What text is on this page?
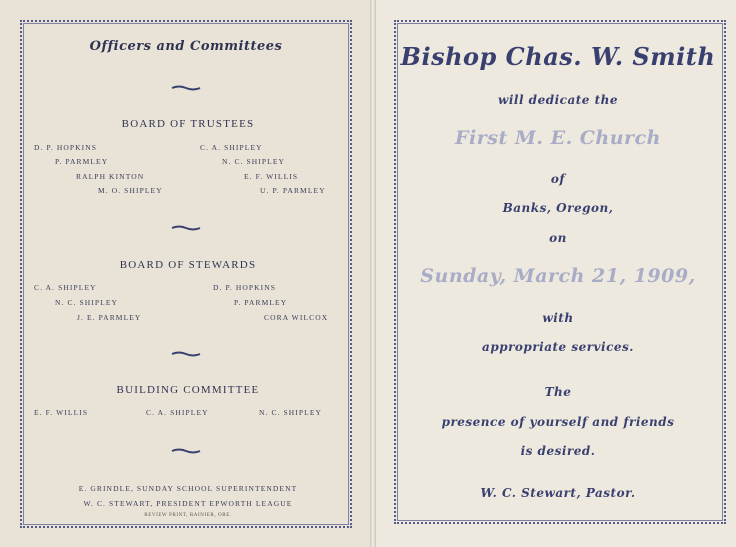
Officers and Committees
BOARD OF TRUSTEES
D. P. HOPKINS	C. A. SHIPLEY
P. PARMLEY	N. C. SHIPLEY
RALPH KINTON	E. F. WILLIS
M. O. SHIPLEY	U. P. PARMLEY
BOARD OF STEWARDS
C. A. SHIPLEY	D. P. HOPKINS
N. C. SHIPLEY	P. PARMLEY
J. E. PARMLEY	CORA WILCOX
BUILDING COMMITTEE
E. F. WILLIS	C. A. SHIPLEY	N. C. SHIPLEY
E. GRINDLE, SUNDAY SCHOOL SUPERINTENDENT
W. C. STEWART, PRESIDENT EPWORTH LEAGUE
REVIEW PRINT, RAINIER, ORE.
Bishop Chas. W. Smith
will dedicate the
First M. E. Church
of
Banks, Oregon,
on
Sunday, March 21, 1909,
with
appropriate services.
The
presence of yourself and friends
is desired.
W. C. Stewart, Pastor.
